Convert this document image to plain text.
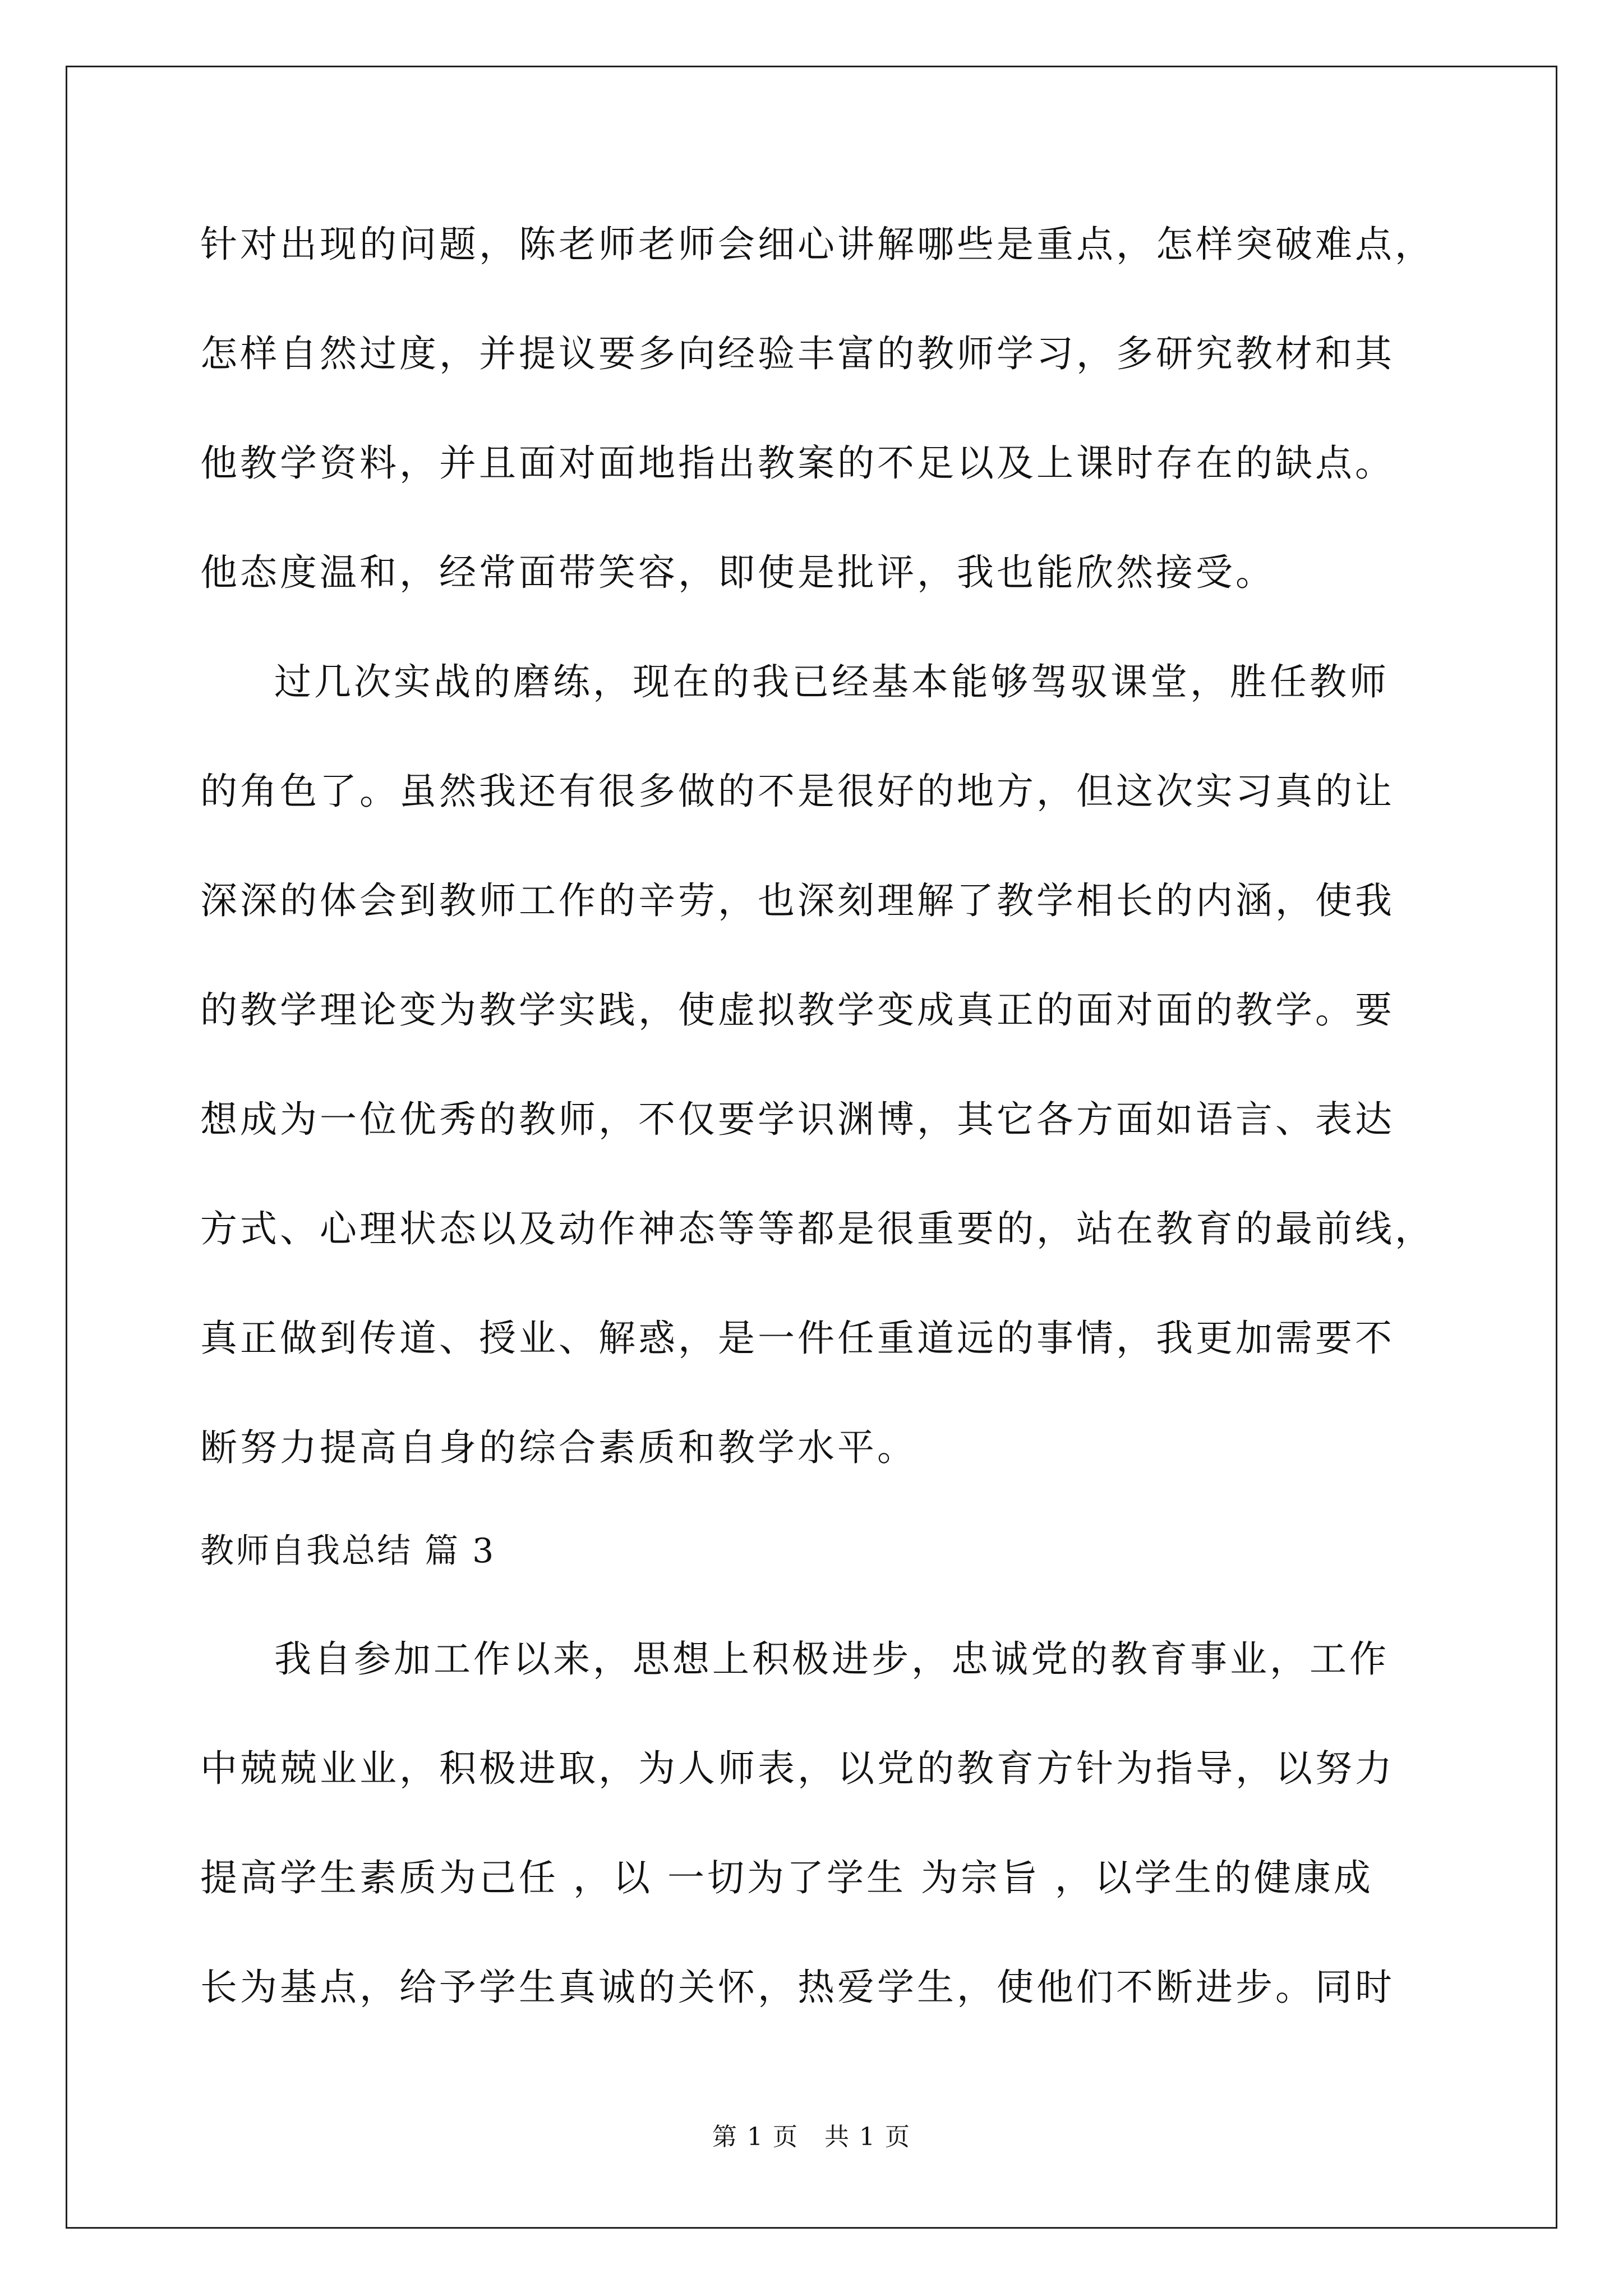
针对出现的问题，陈老师老师会细心讲解哪些是重点，怎样突破难点，
怎样自然过度，并提议要多向经验丰富的教师学习，多研究教材和其
他教学资料，并且面对面地指出教案的不足以及上课时存在的缺点。
他态度温和，经常面带笑容，即使是批评，我也能欣然接受。
过几次实战的磨练，现在的我已经基本能够驾驭课堂，胜任教师
的角色了。虽然我还有很多做的不是很好的地方，但这次实习真的让
深深的体会到教师工作的辛劳，也深刻理解了教学相长的内涵，使我
的教学理论变为教学实践，使虚拟教学变成真正的面对面的教学。要
想成为一位优秀的教师，不仅要学识渊博，其它各方面如语言、表达
方式、心理状态以及动作神态等等都是很重要的，站在教育的最前线，
真正做到传道、授业、解惑，是一件任重道远的事情，我更加需要不
断努力提高自身的综合素质和教学水平。
教师自我总结 篇 3
我自参加工作以来，思想上积极进步，忠诚党的教育事业，工作
中兢兢业业，积极进取，为人师表，以党的教育方针为指导，以努力
提高学生素质为己任 ，以 一切为了学生 为宗旨 ，以学生的健康成
长为基点，给予学生真诚的关怀，热爱学生，使他们不断进步。同时
第 1 页　共 1 页
